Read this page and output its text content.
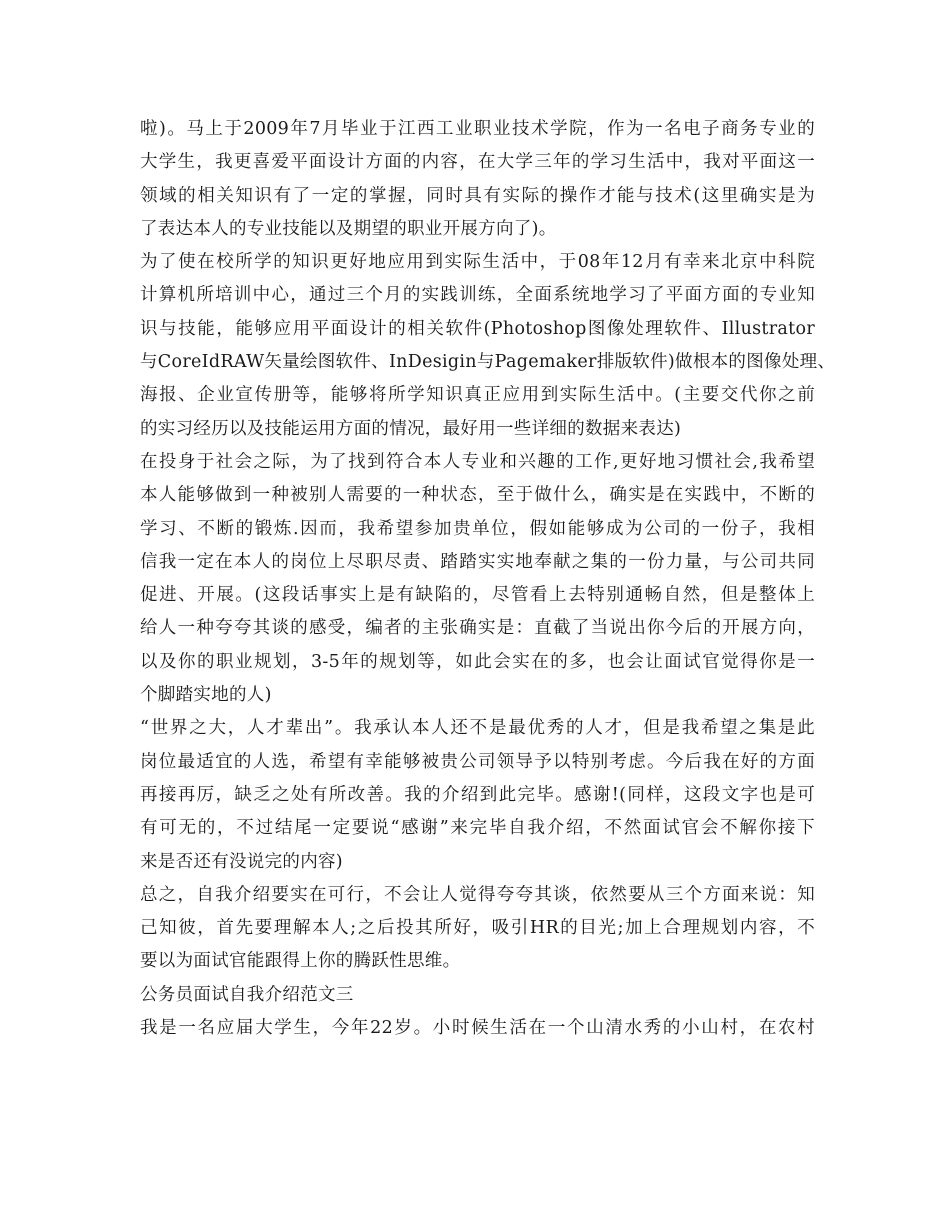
啦)。马上于2009年7月毕业于江西工业职业技术学院，作为一名电子商务专业的
大学生，我更喜爱平面设计方面的内容，在大学三年的学习生活中，我对平面这一
领域的相关知识有了一定的掌握，同时具有实际的操作才能与技术(这里确实是为
了表达本人的专业技能以及期望的职业开展方向了)。
为了使在校所学的知识更好地应用到实际生活中，于08年12月有幸来北京中科院
计算机所培训中心，通过三个月的实践训练，全面系统地学习了平面方面的专业知
识与技能，能够应用平面设计的相关软件(Photoshop图像处理软件、Illustrator
与CoreIdRAW矢量绘图软件、InDesigin与Pagemaker排版软件)做根本的图像处理、
海报、企业宣传册等，能够将所学知识真正应用到实际生活中。(主要交代你之前
的实习经历以及技能运用方面的情况，最好用一些详细的数据来表达)
在投身于社会之际，为了找到符合本人专业和兴趣的工作,更好地习惯社会,我希望
本人能够做到一种被别人需要的一种状态，至于做什么，确实是在实践中，不断的
学习、不断的锻炼.因而，我希望参加贵单位，假如能够成为公司的一份子，我相
信我一定在本人的岗位上尽职尽责、踏踏实实地奉献之集的一份力量，与公司共同
促进、开展。(这段话事实上是有缺陷的，尽管看上去特别通畅自然，但是整体上
给人一种夸夸其谈的感受，编者的主张确实是：直截了当说出你今后的开展方向，
以及你的职业规划，3-5年的规划等，如此会实在的多，也会让面试官觉得你是一
个脚踏实地的人)
“世界之大，人才辈出”。我承认本人还不是最优秀的人才，但是我希望之集是此
岗位最适宜的人选，希望有幸能够被贵公司领导予以特别考虑。今后我在好的方面
再接再厉，缺乏之处有所改善。我的介绍到此完毕。感谢!(同样，这段文字也是可
有可无的，不过结尾一定要说“感谢”来完毕自我介绍，不然面试官会不解你接下
来是否还有没说完的内容)
总之，自我介绍要实在可行，不会让人觉得夸夸其谈，依然要从三个方面来说：知
己知彼，首先要理解本人;之后投其所好，吸引HR的目光;加上合理规划内容，不
要以为面试官能跟得上你的腾跃性思维。
公务员面试自我介绍范文三
我是一名应届大学生，今年22岁。小时候生活在一个山清水秀的小山村，在农村
